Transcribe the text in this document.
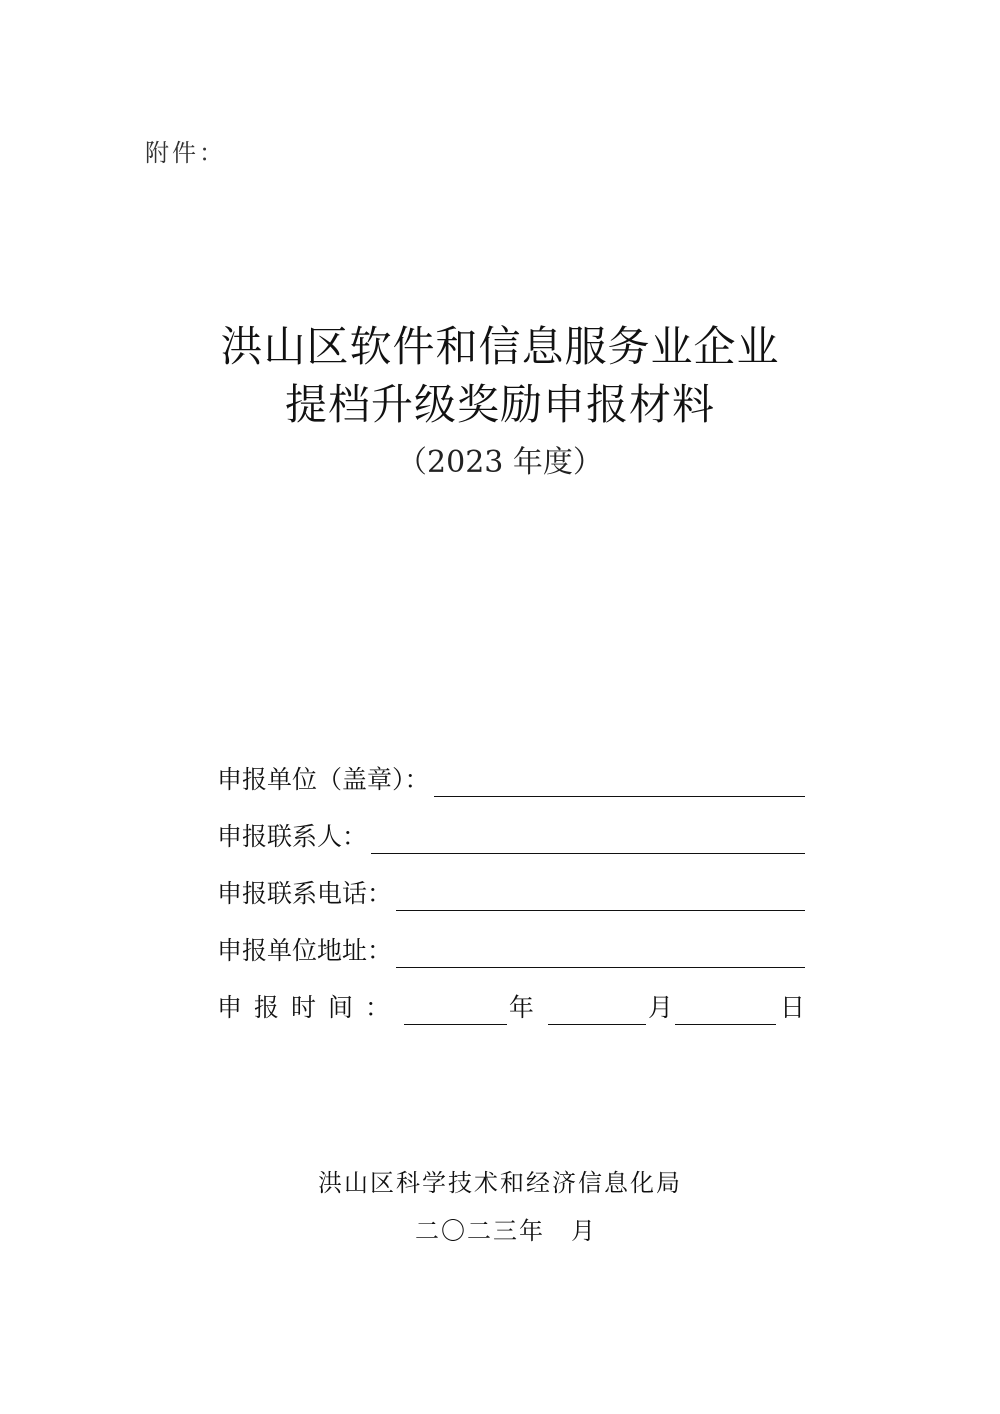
附件：
洪山区软件和信息服务业企业
提档升级奖励申报材料
（2023 年度）
申报单位（盖章）：
申报联系人：
申报联系电话：
申报单位地址：
申报时间：	年	月	日
洪山区科学技术和经济信息化局
二〇二三年　月
